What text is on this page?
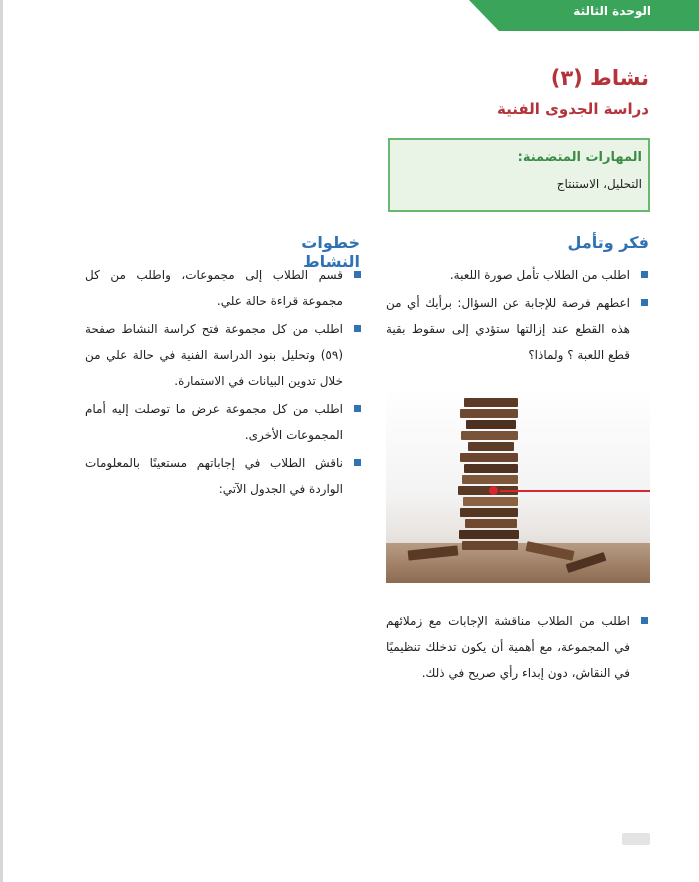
الوحدة الثالثة
نشاط (٣)
دراسة الجدوى الفنية
المهارات المتضمنة:
التحليل، الاستنتاج
فكر وتأمل
اطلب من الطلاب تأمل صورة اللعبة.
اعطهم فرصة للإجابة عن السؤال: برأيك أي من هذه القطع عند إزالتها ستؤدي إلى سقوط بقية قطع اللعبة ؟ ولماذا؟
اطلب من الطلاب مناقشة الإجابات مع زملائهم في المجموعة، مع أهمية أن يكون تدخلك تنظيميًا في النقاش، دون إبداء رأي صريح في ذلك.
خطوات النشاط
قسم الطلاب إلى مجموعات، واطلب من كل مجموعة قراءة حالة علي.
اطلب من كل مجموعة فتح كراسة النشاط صفحة (٥٩) وتحليل بنود الدراسة الفنية في حالة علي من خلال تدوين البيانات في الاستمارة.
اطلب من كل مجموعة عرض ما توصلت إليه أمام المجموعات الأخرى.
ناقش الطلاب في إجاباتهم مستعينًا بالمعلومات الواردة في الجدول الآتي:
